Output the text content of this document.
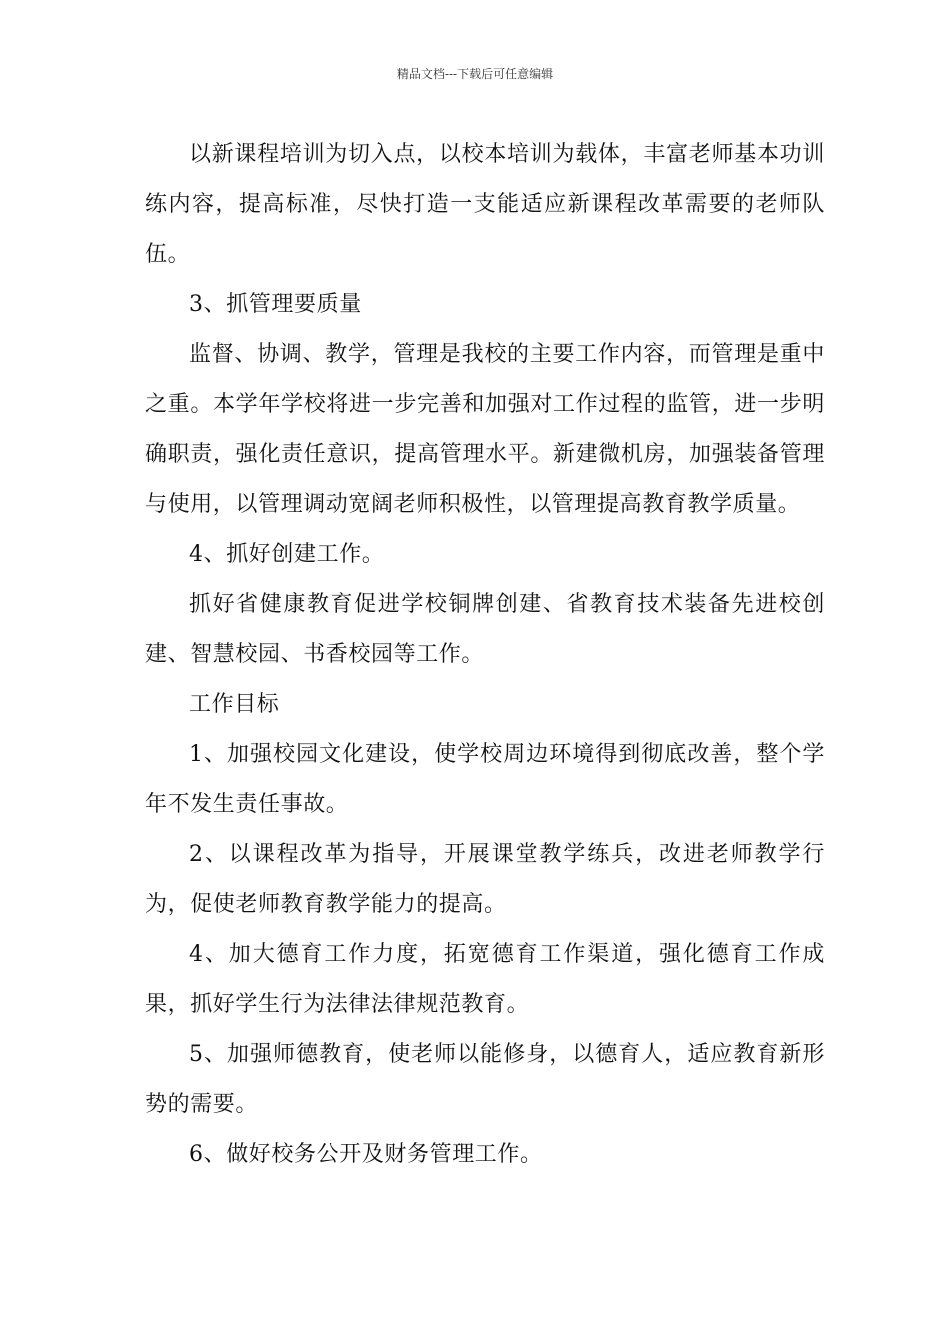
精品文档---下载后可任意编辑

以新课程培训为切入点，以校本培训为载体，丰富老师基本功训练内容，提高标准，尽快打造一支能适应新课程改革需要的老师队伍。

3、抓管理要质量

监督、协调、教学，管理是我校的主要工作内容，而管理是重中之重。本学年学校将进一步完善和加强对工作过程的监管，进一步明确职责，强化责任意识，提高管理水平。新建微机房，加强装备管理与使用，以管理调动宽阔老师积极性，以管理提高教育教学质量。

4、抓好创建工作。

抓好省健康教育促进学校铜牌创建、省教育技术装备先进校创建、智慧校园、书香校园等工作。

工作目标

1、加强校园文化建设，使学校周边环境得到彻底改善，整个学年不发生责任事故。

2、以课程改革为指导，开展课堂教学练兵，改进老师教学行为，促使老师教育教学能力的提高。

4、加大德育工作力度，拓宽德育工作渠道，强化德育工作成果，抓好学生行为法律法律规范教育。

5、加强师德教育，使老师以能修身，以德育人，适应教育新形势的需要。

6、做好校务公开及财务管理工作。
